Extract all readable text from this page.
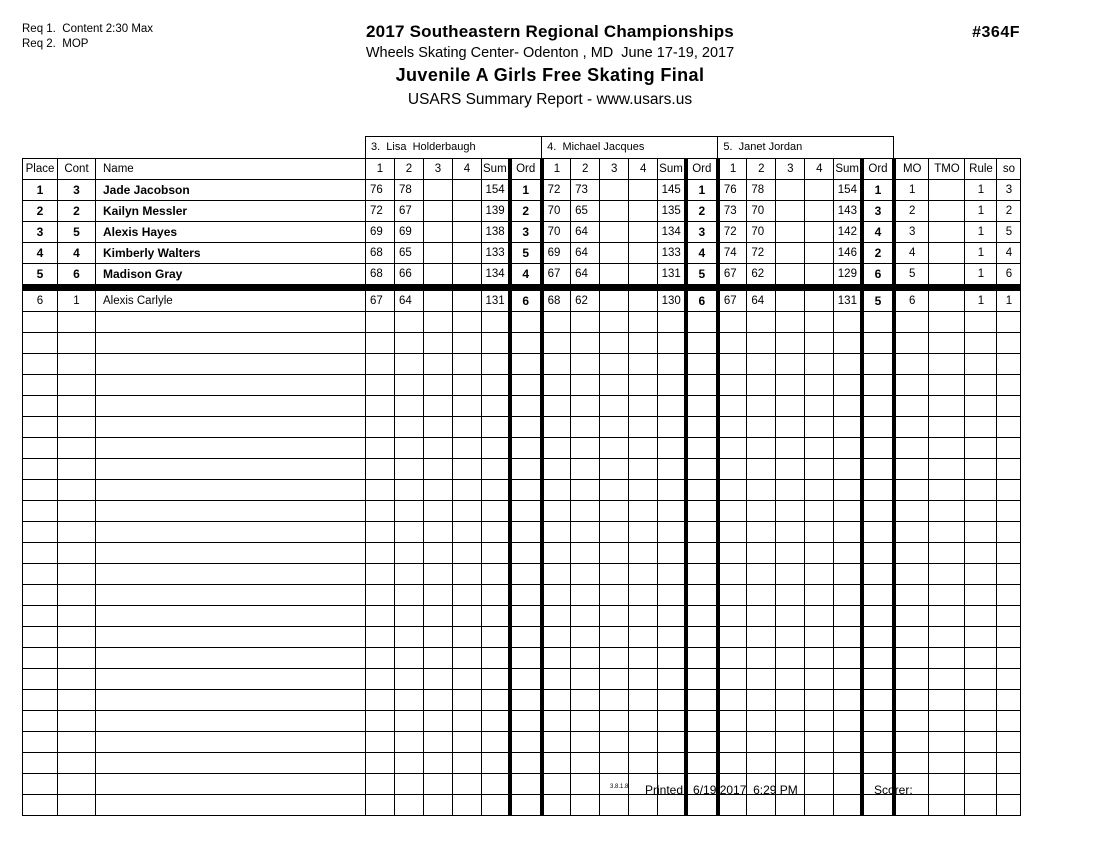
Req 1.  Content 2:30 Max
Req 2.  MOP
2017 Southeastern Regional Championships
Wheels Skating Center- Odenton , MD  June 17-19, 2017
Juvenile A Girls Free Skating Final
USARS Summary Report - www.usars.us
#364F
			3.  Lisa  Holderbaugh						4.  Michael Jacques						5.  Janet Jordan									
Place	Cont	Name	1	2	3	4	Sum	Ord	1	2	3	4	Sum	Ord	1	2	3	4	Sum	Ord	MO	TMO	Rule	so
1	3	Jade Jacobson	76	78			154	1	72	73			145	1	76	78			154	1	1		1	3
2	2	Kailyn Messler	72	67			139	2	70	65			135	2	73	70			143	3	2		1	2
3	5	Alexis Hayes	69	69			138	3	70	64			134	3	72	70			142	4	3		1	5
4	4	Kimberly Walters	68	65			133	5	69	64			133	4	74	72			146	2	4		1	4
5	6	Madison Gray	68	66			134	4	67	64			131	5	67	62			129	6	5		1	6

6	1	Alexis Carlyle	67	64			131	6	68	62			130	6	67	64			131	5	6		1	1

3.8.1.8 Printed:  6/19/2017  6:29 PM	Scorer:
